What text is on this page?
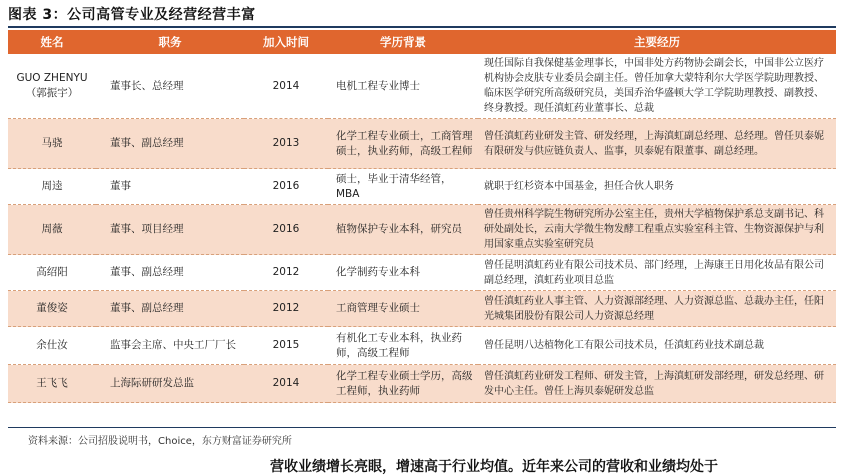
图表 3：公司高管专业及经营经营丰富
姓名	职务	加入时间	学历背景	主要经历

GUO ZHENYU
（郭振宇）	董事长、总经理	2014	电机工程专业博士	现任国际自我保健基金理事长，中国非处方药物协会副会长，中国非公立医疗机构协会皮肤专业委员会副主任。曾任加拿大蒙特利尔大学医学院助理教授、临床医学研究所高级研究员，美国乔治华盛顿大学工学院助理教授、副教授、终身教授。现任滇虹药业董事长、总裁
马骁	董事、副总经理	2013	化学工程专业硕士，工商管理硕士，执业药师，高级工程师	曾任滇虹药业研发主管、研发经理，上海滇虹副总经理、总经理。曾任贝泰妮有限研发与供应链负责人、监事，贝泰妮有限董事、副总经理。
周逵	董事	2016	硕士，毕业于清华经管，MBA	就职于红杉资本中国基金，担任合伙人职务
周薇	董事、项目经理	2016	植物保护专业本科，研究员	曾任贵州科学院生物研究所办公室主任，贵州大学植物保护系总支副书记、科研处副处长，云南大学微生物发酵工程重点实验室科主管、生物资源保护与利用国家重点实验室研究员
高绍阳	董事、副总经理	2012	化学制药专业本科	曾任昆明滇虹药业有限公司技术员、部门经理，上海康王日用化妆品有限公司副总经理，滇虹药业项目总监
董俊姿	董事、副总经理	2012	工商管理专业硕士	曾任滇虹药业人事主管、人力资源部经理、人力资源总监、总裁办主任，任阳光城集团股份有限公司人力资源总经理
余仕汝	监事会主席、中央工厂厂长	2015	有机化工专业本科，执业药师，高级工程师	曾任昆明八达植物化工有限公司技术员，任滇虹药业技术副总裁
王飞飞	上海际研研发总监	2014	化学工程专业硕士学历，高级工程师，执业药师	曾任滇虹药业研发工程师、研发主管，上海滇虹研发部经理，研发总经理、研发中心主任。曾任上海贝泰妮研发总监
资料来源：公司招股说明书，Choice，东方财富证券研究所
营收业绩增长亮眼，增速高于行业均值。近年来公司的营收和业绩均处于
